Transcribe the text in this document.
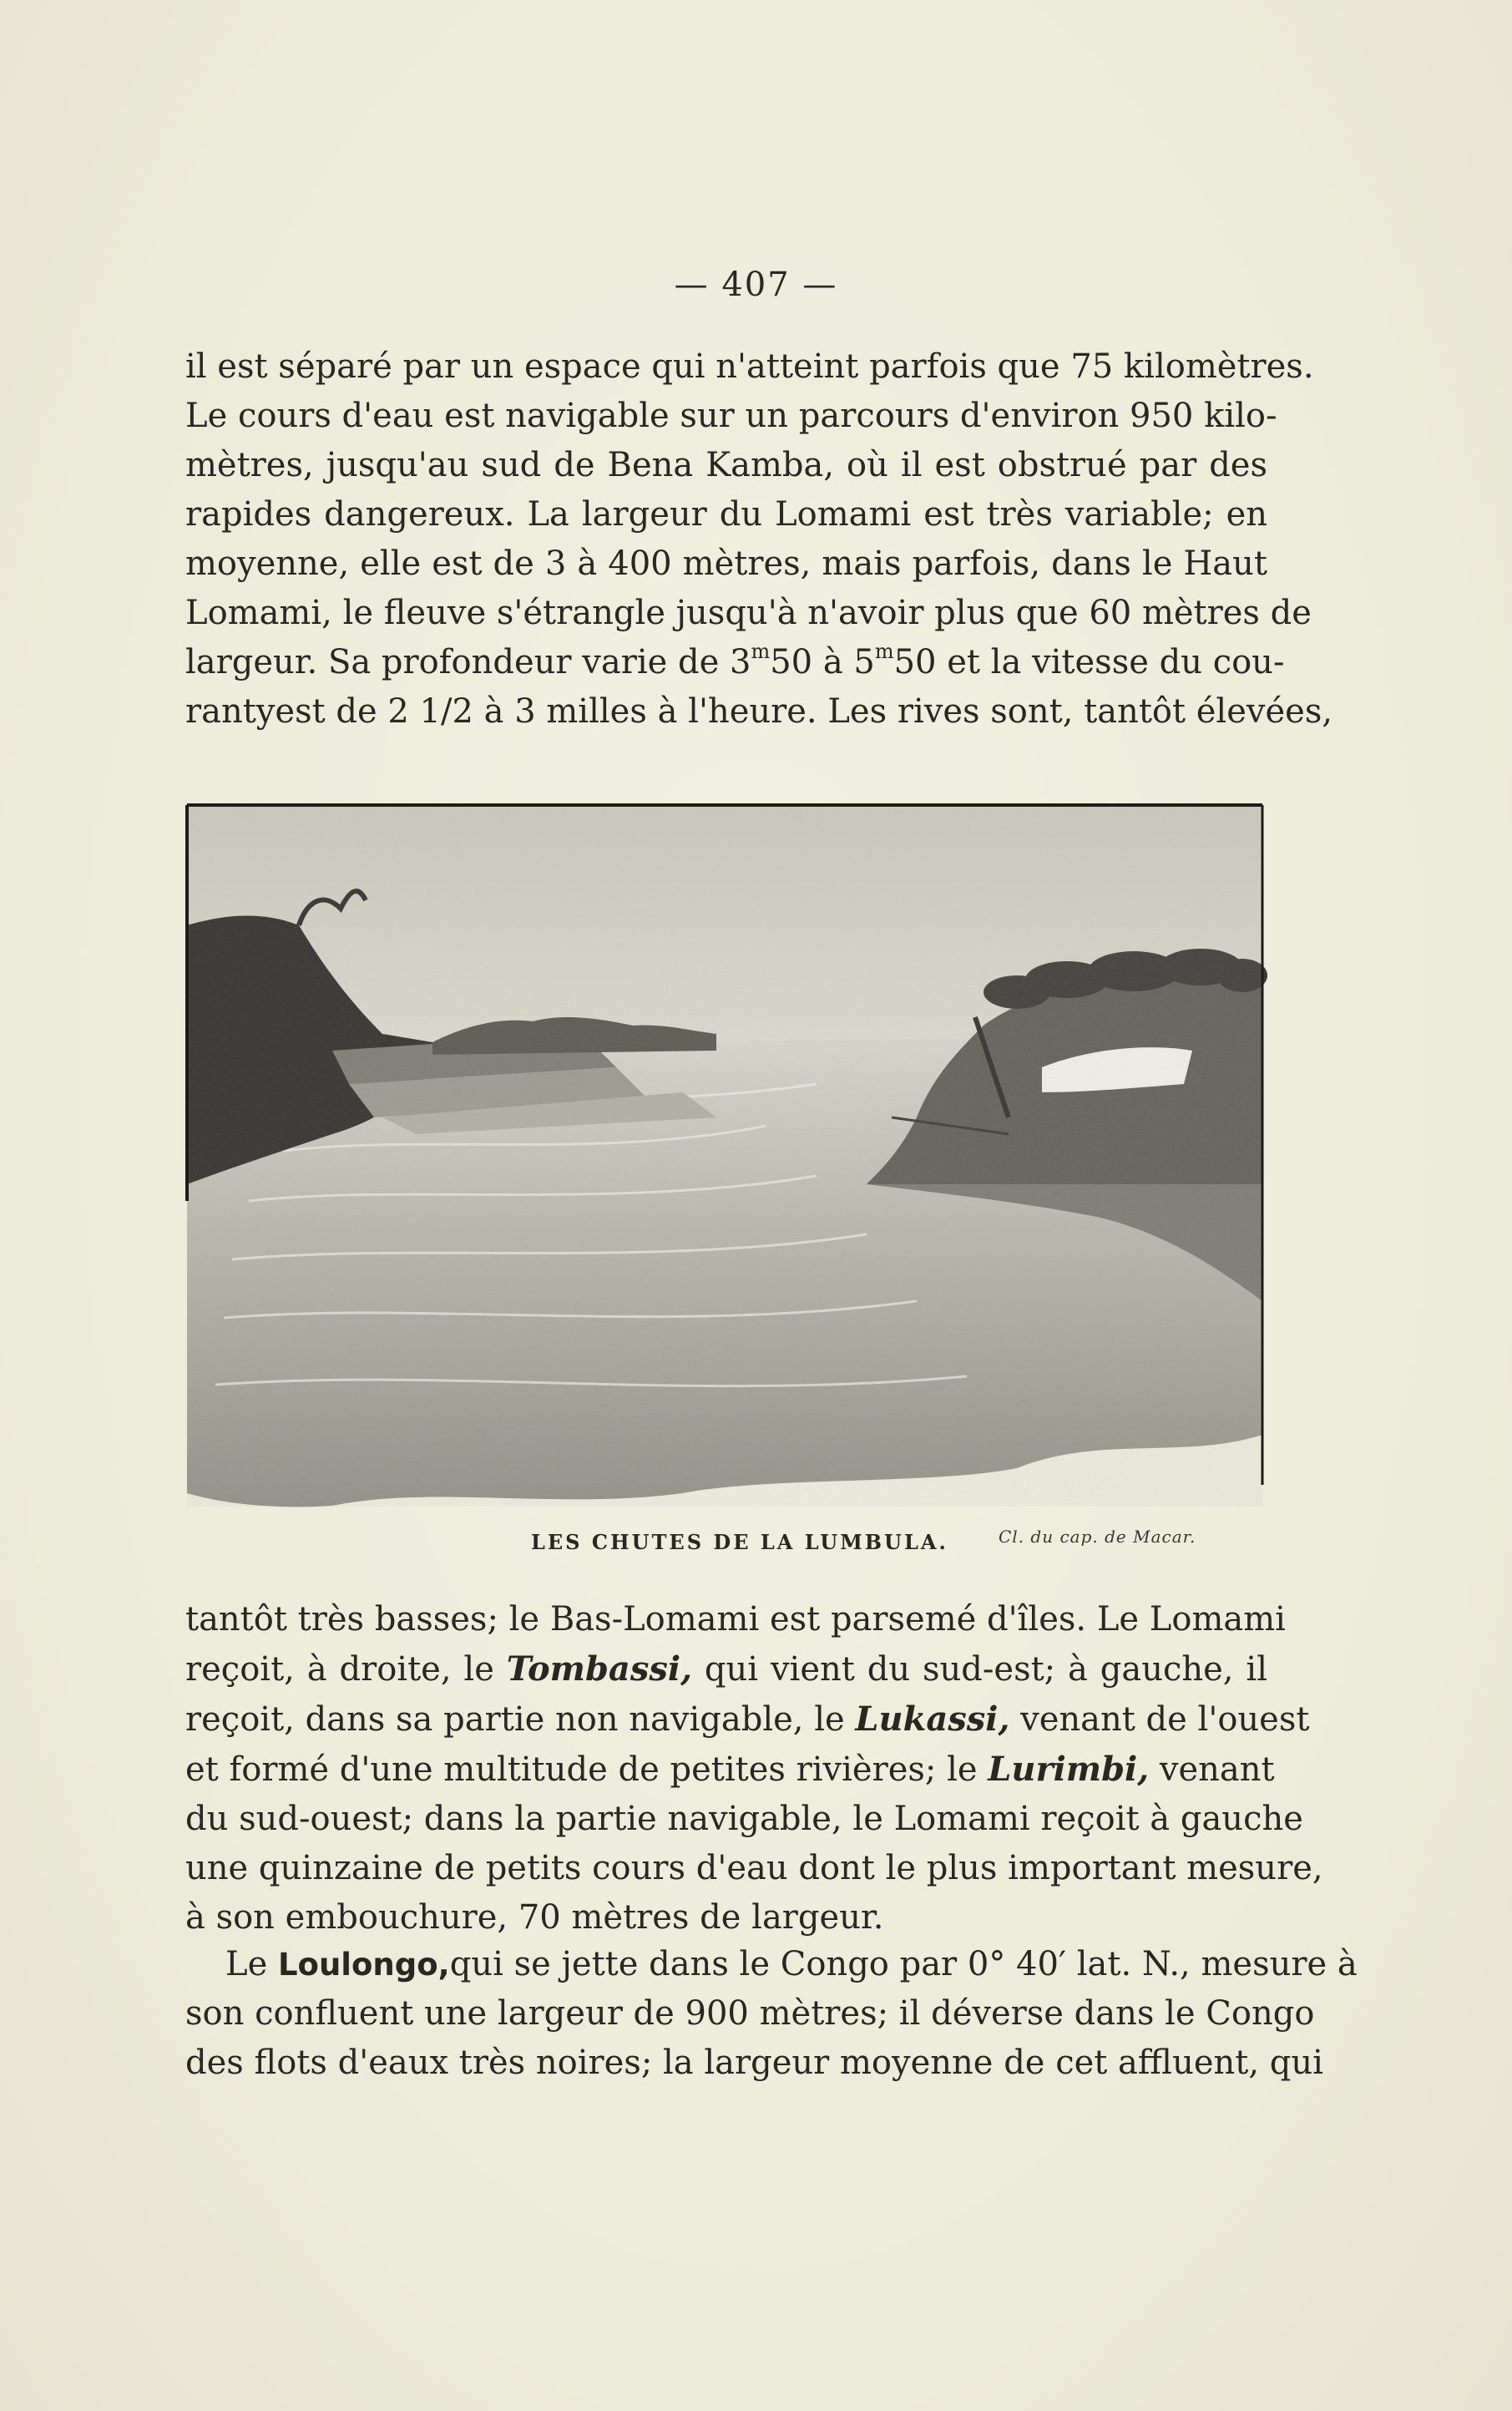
— 407 —
il est séparé par un espace qui n'atteint parfois que 75 kilomètres.
Le cours d'eau est navigable sur un parcours d'environ 950 kilo-
mètres, jusqu'au sud de Bena Kamba, où il est obstrué par des
rapides dangereux. La largeur du Lomami est très variable; en
moyenne, elle est de 3 à 400 mètres, mais parfois, dans le Haut
Lomami, le fleuve s'étrangle jusqu'à n'avoir plus que 60 mètres de
largeur. Sa profondeur varie de 3$^m$50 à 5$^m$50 et la vitesse du cou-
rantyest de 2 1/2 à 3 milles à l'heure. Les rives sont, tantôt élevées,
LES CHUTES DE LA LUMBULA.	Cl. du cap. de Macar.
tantôt très basses; le Bas-Lomami est parsemé d'îles. Le Lomami
reçoit, à droite, le Tombassi, qui vient du sud-est; à gauche, il
reçoit, dans sa partie non navigable, le Lukassi, venant de l'ouest
et formé d'une multitude de petites rivières; le Lurimbi, venant
du sud-ouest; dans la partie navigable, le Lomami reçoit à gauche
une quinzaine de petits cours d'eau dont le plus important mesure,
à son embouchure, 70 mètres de largeur.
Le Loulongo,qui se jette dans le Congo par 0° 40′ lat. N., mesure à
son confluent une largeur de 900 mètres; il déverse dans le Congo
des flots d'eaux très noires; la largeur moyenne de cet affluent, qui
